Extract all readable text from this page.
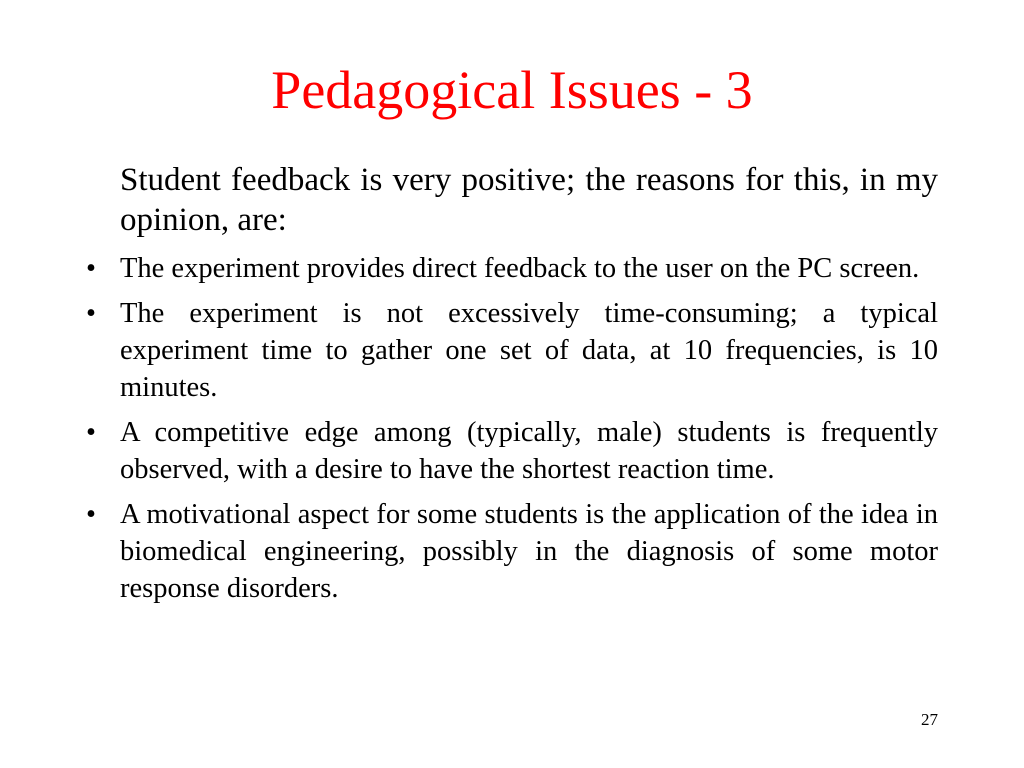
Pedagogical Issues - 3

Student feedback is very positive; the reasons for this, in my opinion, are:

• The experiment provides direct feedback to the user on the PC screen.
• The experiment is not excessively time-consuming; a typical experiment time to gather one set of data, at 10 frequencies, is 10 minutes.
• A competitive edge among (typically, male) students is frequently observed, with a desire to have the shortest reaction time.
• A motivational aspect for some students is the application of the idea in biomedical engineering, possibly in the diagnosis of some motor response disorders.
27
